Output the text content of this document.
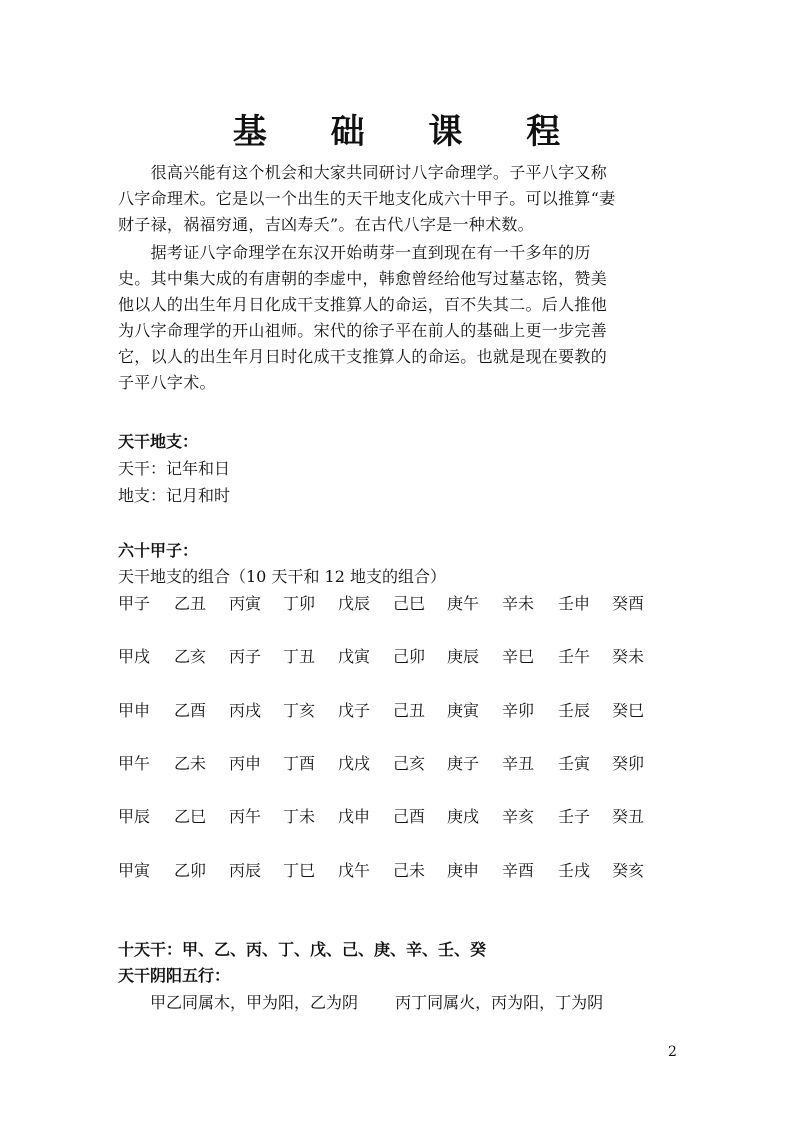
基 础 课 程
　　很高兴能有这个机会和大家共同研讨八字命理学。子平八字又称
八字命理术。它是以一个出生的天干地支化成六十甲子。可以推算“妻
财子禄，祸福穷通，吉凶寿夭”。在古代八字是一种术数。
　　据考证八字命理学在东汉开始萌芽一直到现在有一千多年的历
史。其中集大成的有唐朝的李虚中，韩愈曾经给他写过墓志铭，赞美
他以人的出生年月日化成干支推算人的命运，百不失其二。后人推他
为八字命理学的开山祖师。宋代的徐子平在前人的基础上更一步完善
它，以人的出生年月日时化成干支推算人的命运。也就是现在要教的
子平八字术。
天干地支：
天干：记年和日
地支：记月和时
六十甲子：
天干地支的组合（10 天干和 12 地支的组合）
甲子 乙丑 丙寅 丁卯 戊辰 己巳 庚午 辛未 壬申 癸酉
甲戌 乙亥 丙子 丁丑 戊寅 己卯 庚辰 辛巳 壬午 癸未
甲申 乙酉 丙戌 丁亥 戊子 己丑 庚寅 辛卯 壬辰 癸巳
甲午 乙未 丙申 丁酉 戊戌 己亥 庚子 辛丑 壬寅 癸卯
甲辰 乙巳 丙午 丁未 戊申 己酉 庚戌 辛亥 壬子 癸丑
甲寅 乙卯 丙辰 丁巳 戊午 己未 庚申 辛酉 壬戌 癸亥
十天干：甲、乙、丙、丁、戊、己、庚、辛、壬、癸
天干阴阳五行：
　　甲乙同属木，甲为阳，乙为阴　　 丙丁同属火，丙为阳，丁为阴
2
